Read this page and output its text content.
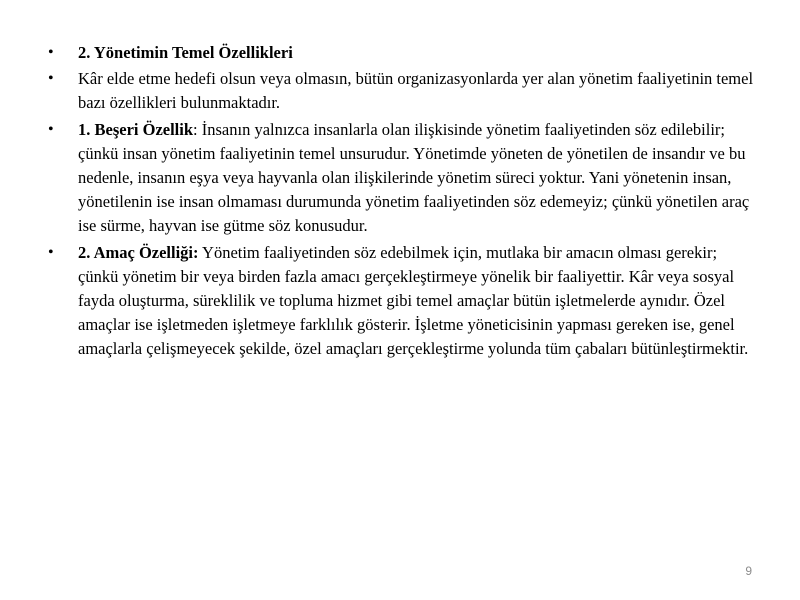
• 2. Yönetimin Temel Özellikleri
• Kâr elde etme hedefi olsun veya olmasın, bütün organizasyonlarda yer alan yönetim faaliyetinin temel bazı özellikleri bulunmaktadır.
• 1. Beşeri Özellik: İnsanın yalnızca insanlarla olan ilişkisinde yönetim faaliyetinden söz edilebilir; çünkü insan yönetim faaliyetinin temel unsurudur. Yönetimde yöneten de yönetilen de insandır ve bu nedenle, insanın eşya veya hayvanla olan ilişkilerinde yönetim süreci yoktur. Yani yönetenin insan, yönetilenin ise insan olmaması durumunda yönetim faaliyetinden söz edemeyiz; çünkü yönetilen araç ise sürme, hayvan ise gütme söz konusudur.
• 2. Amaç Özelliği: Yönetim faaliyetinden söz edebilmek için, mutlaka bir amacın olması gerekir; çünkü yönetim bir veya birden fazla amacı gerçekleştirmeye yönelik bir faaliyettir. Kâr veya sosyal fayda oluşturma, süreklilik ve topluma hizmet gibi temel amaçlar bütün işletmelerde aynıdır. Özel amaçlar ise işletmeden işletmeye farklılık gösterir. İşletme yöneticisinin yapması gereken ise, genel amaçlarla çelişmeyecek şekilde, özel amaçları gerçekleştirme yolunda tüm çabaları bütünleştirmektir.
9
